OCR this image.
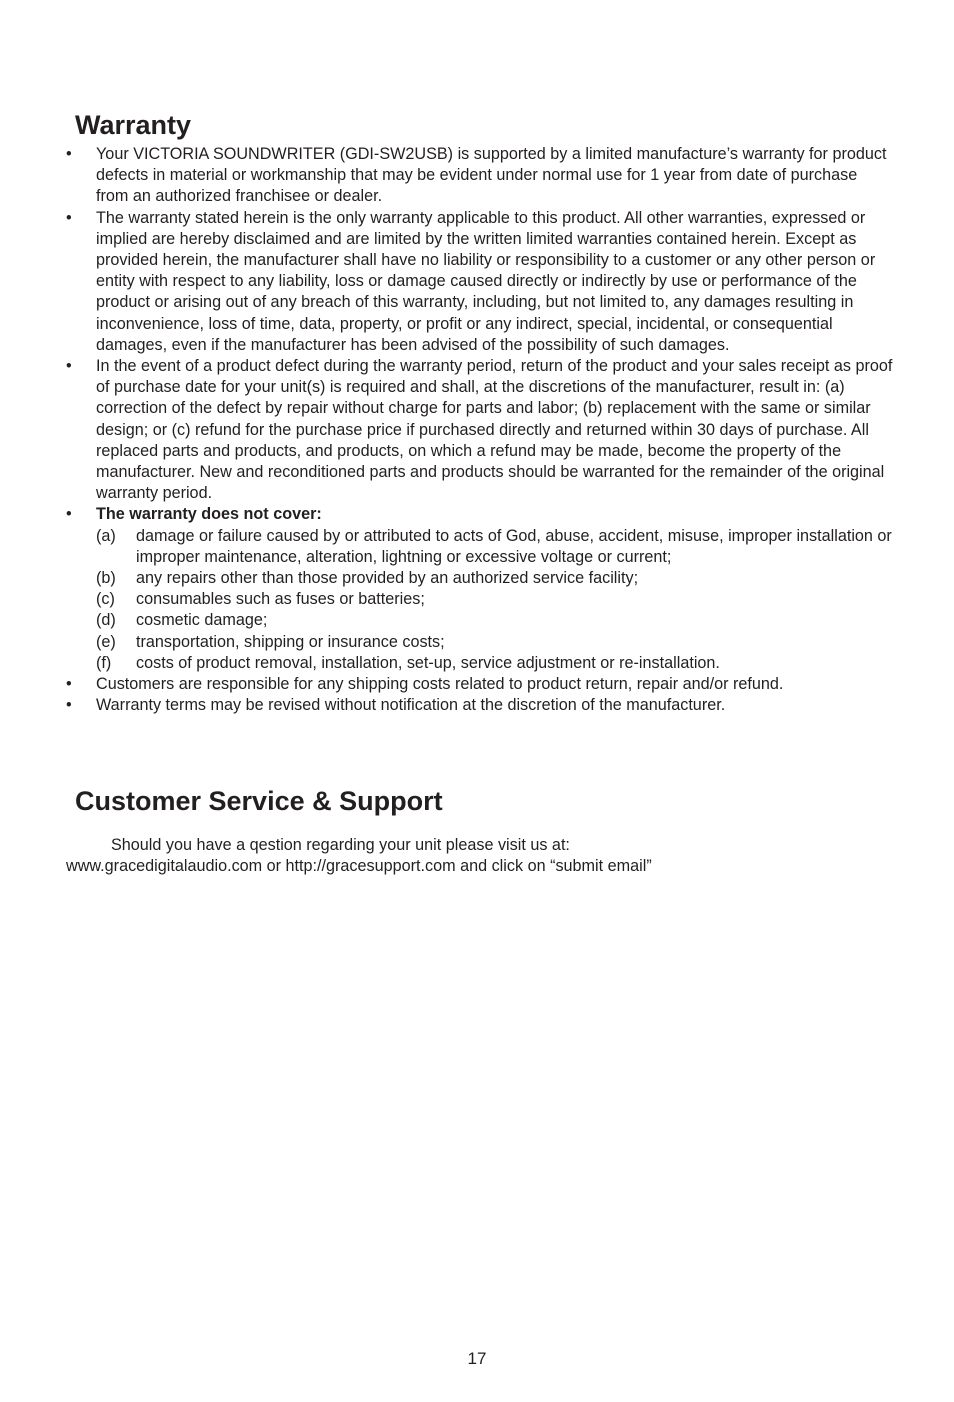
Warranty
• Your VICTORIA SOUNDWRITER (GDI-SW2USB) is supported by a limited manufacture’s warranty for product defects in material or workmanship that may be evident under normal use for 1 year from date of purchase from an authorized franchisee or dealer.
• The warranty stated herein is the only warranty applicable to this product. All other warranties, expressed or implied are hereby disclaimed and are limited by the written limited warranties contained herein. Except as provided herein, the manufacturer shall have no liability or responsibility to a customer or any other person or entity with respect to any liability, loss or damage caused directly or indirectly by use or performance of the product or arising out of any breach of this warranty, including, but not limited to, any damages resulting in inconvenience, loss of time, data, property, or profit or any indirect, special, incidental, or consequential damages, even if the manufacturer has been advised of the possibility of such damages.
• In the event of a product defect during the warranty period, return of the product and your sales receipt as proof of purchase date for your unit(s) is required and shall, at the discretions of the manufacturer, result in: (a) correction of the defect by repair without charge for parts and labor; (b) replacement with the same or similar design; or (c) refund for the purchase price if purchased directly and returned within 30 days of purchase. All replaced parts and products, and products, on which a refund may be made, become the property of the manufacturer. New and reconditioned parts and products should be warranted for the remainder of the original warranty period.
• The warranty does not cover:
(a) damage or failure caused by or attributed to acts of God, abuse, accident, misuse, improper installation or improper maintenance, alteration, lightning or excessive voltage or current;
(b) any repairs other than those provided by an authorized service facility;
(c) consumables such as fuses or batteries;
(d) cosmetic damage;
(e) transportation, shipping or insurance costs;
(f) costs of product removal, installation, set-up, service adjustment or re-installation.
• Customers are responsible for any shipping costs related to product return, repair and/or refund.
• Warranty terms may be revised without notification at the discretion of the manufacturer.
Customer Service & Support
Should you have a qestion regarding your unit please visit us at:
www.gracedigitalaudio.com or http://gracesupport.com and click on “submit email”
17
